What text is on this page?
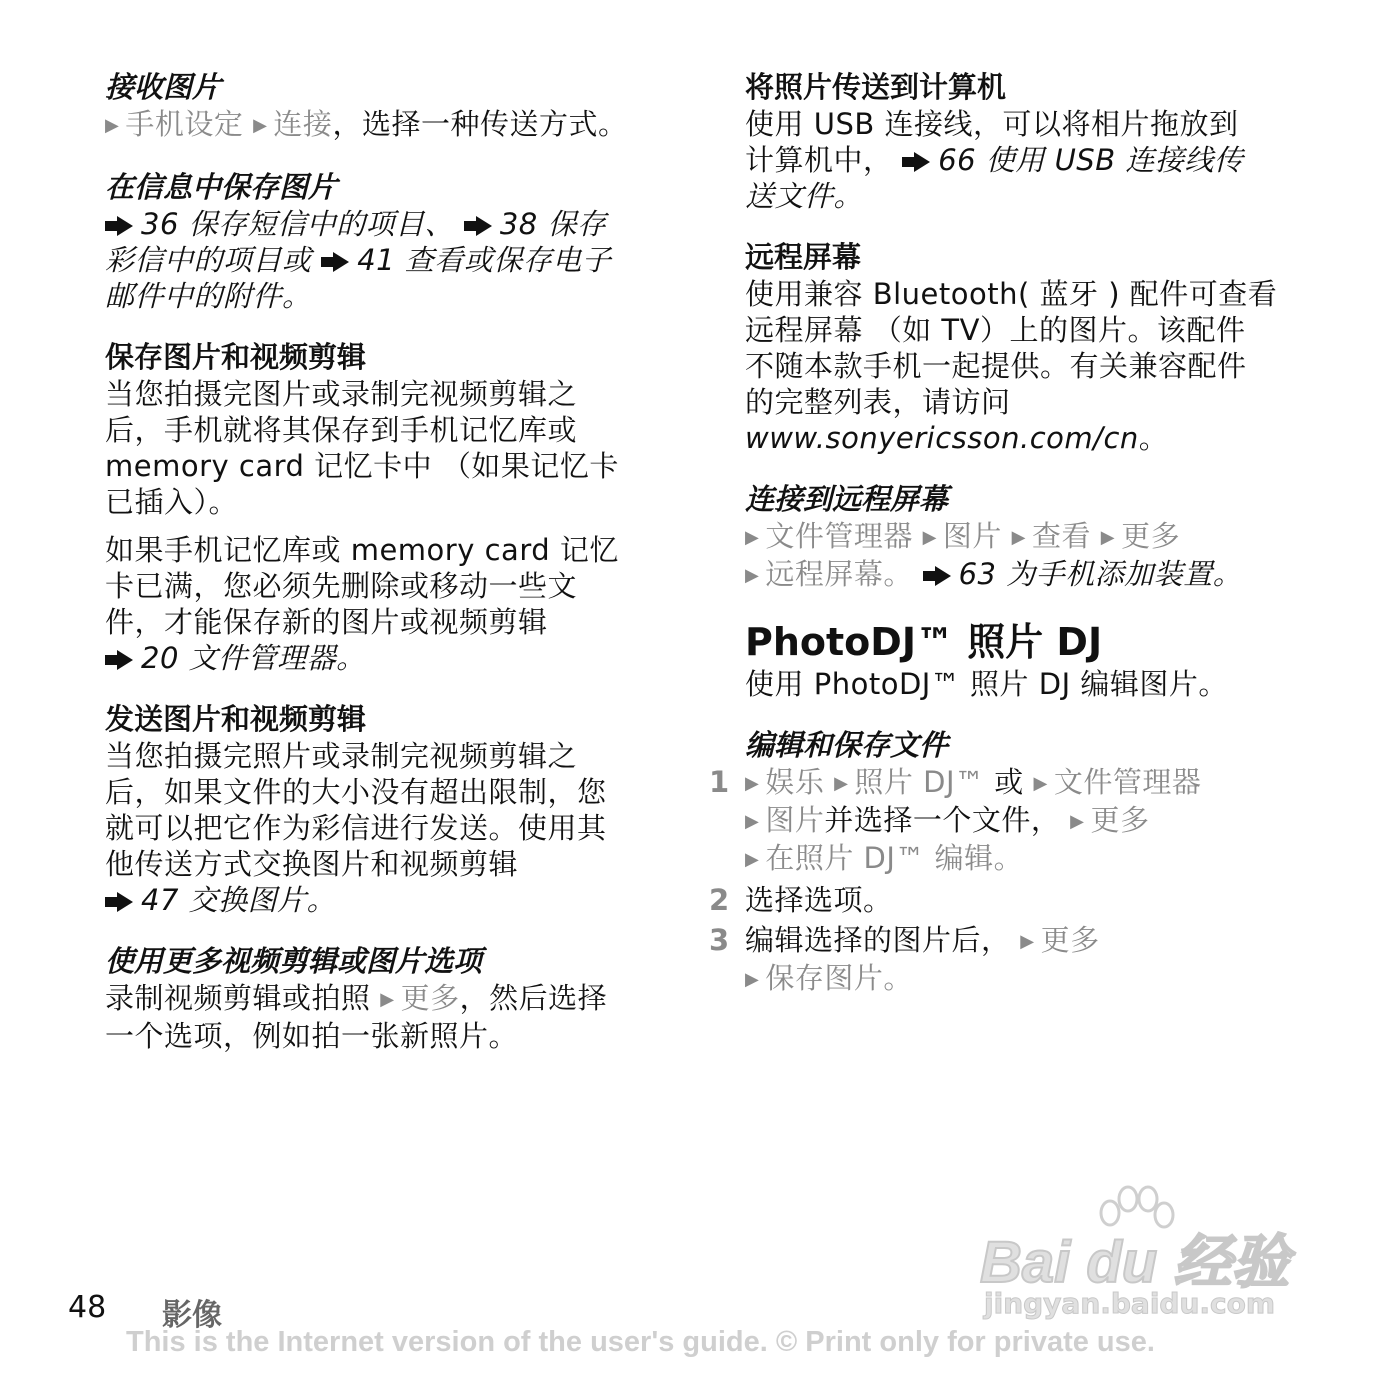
接收图片
▶ 手机设定 ▶ 连接，选择一种传送方式。
在信息中保存图片
36 保存短信中的项目、 38 保存
彩信中的项目或 41 查看或保存电子
邮件中的附件。
保存图片和视频剪辑
当您拍摄完图片或录制完视频剪辑之
后，手机就将其保存到手机记忆库或
memory card 记忆卡中 （如果记忆卡
已插入）。
如果手机记忆库或 memory card 记忆
卡已满，您必须先删除或移动一些文
件，才能保存新的图片或视频剪辑
20 文件管理器。
发送图片和视频剪辑
当您拍摄完照片或录制完视频剪辑之
后，如果文件的大小没有超出限制，您
就可以把它作为彩信进行发送。使用其
他传送方式交换图片和视频剪辑
47 交换图片。
使用更多视频剪辑或图片选项
录制视频剪辑或拍照 ▶ 更多，然后选择
一个选项，例如拍一张新照片。
将照片传送到计算机
使用 USB 连接线，可以将相片拖放到
计算机中， 66 使用 USB 连接线传
送文件。
远程屏幕
使用兼容 Bluetooth( 蓝牙 ) 配件可查看
远程屏幕 （如 TV）上的图片。该配件
不随本款手机一起提供。有关兼容配件
的完整列表，请访问
www.sonyericsson.com/cn。
连接到远程屏幕
▶ 文件管理器 ▶ 图片 ▶ 查看 ▶ 更多
▶ 远程屏幕。 63 为手机添加装置。
PhotoDJ™ 照片 DJ
使用 PhotoDJ™ 照片 DJ 编辑图片。
编辑和保存文件
1 ▶ 娱乐 ▶ 照片 DJ™ 或 ▶ 文件管理器
▶ 图片并选择一个文件， ▶ 更多
▶ 在照片 DJ™ 编辑。
2 选择选项。
3 编辑选择的图片后， ▶ 更多
▶ 保存图片。
Bai du 经验
jingyan.baidu.com
48 影像
This is the Internet version of the user's guide. © Print only for private use.
